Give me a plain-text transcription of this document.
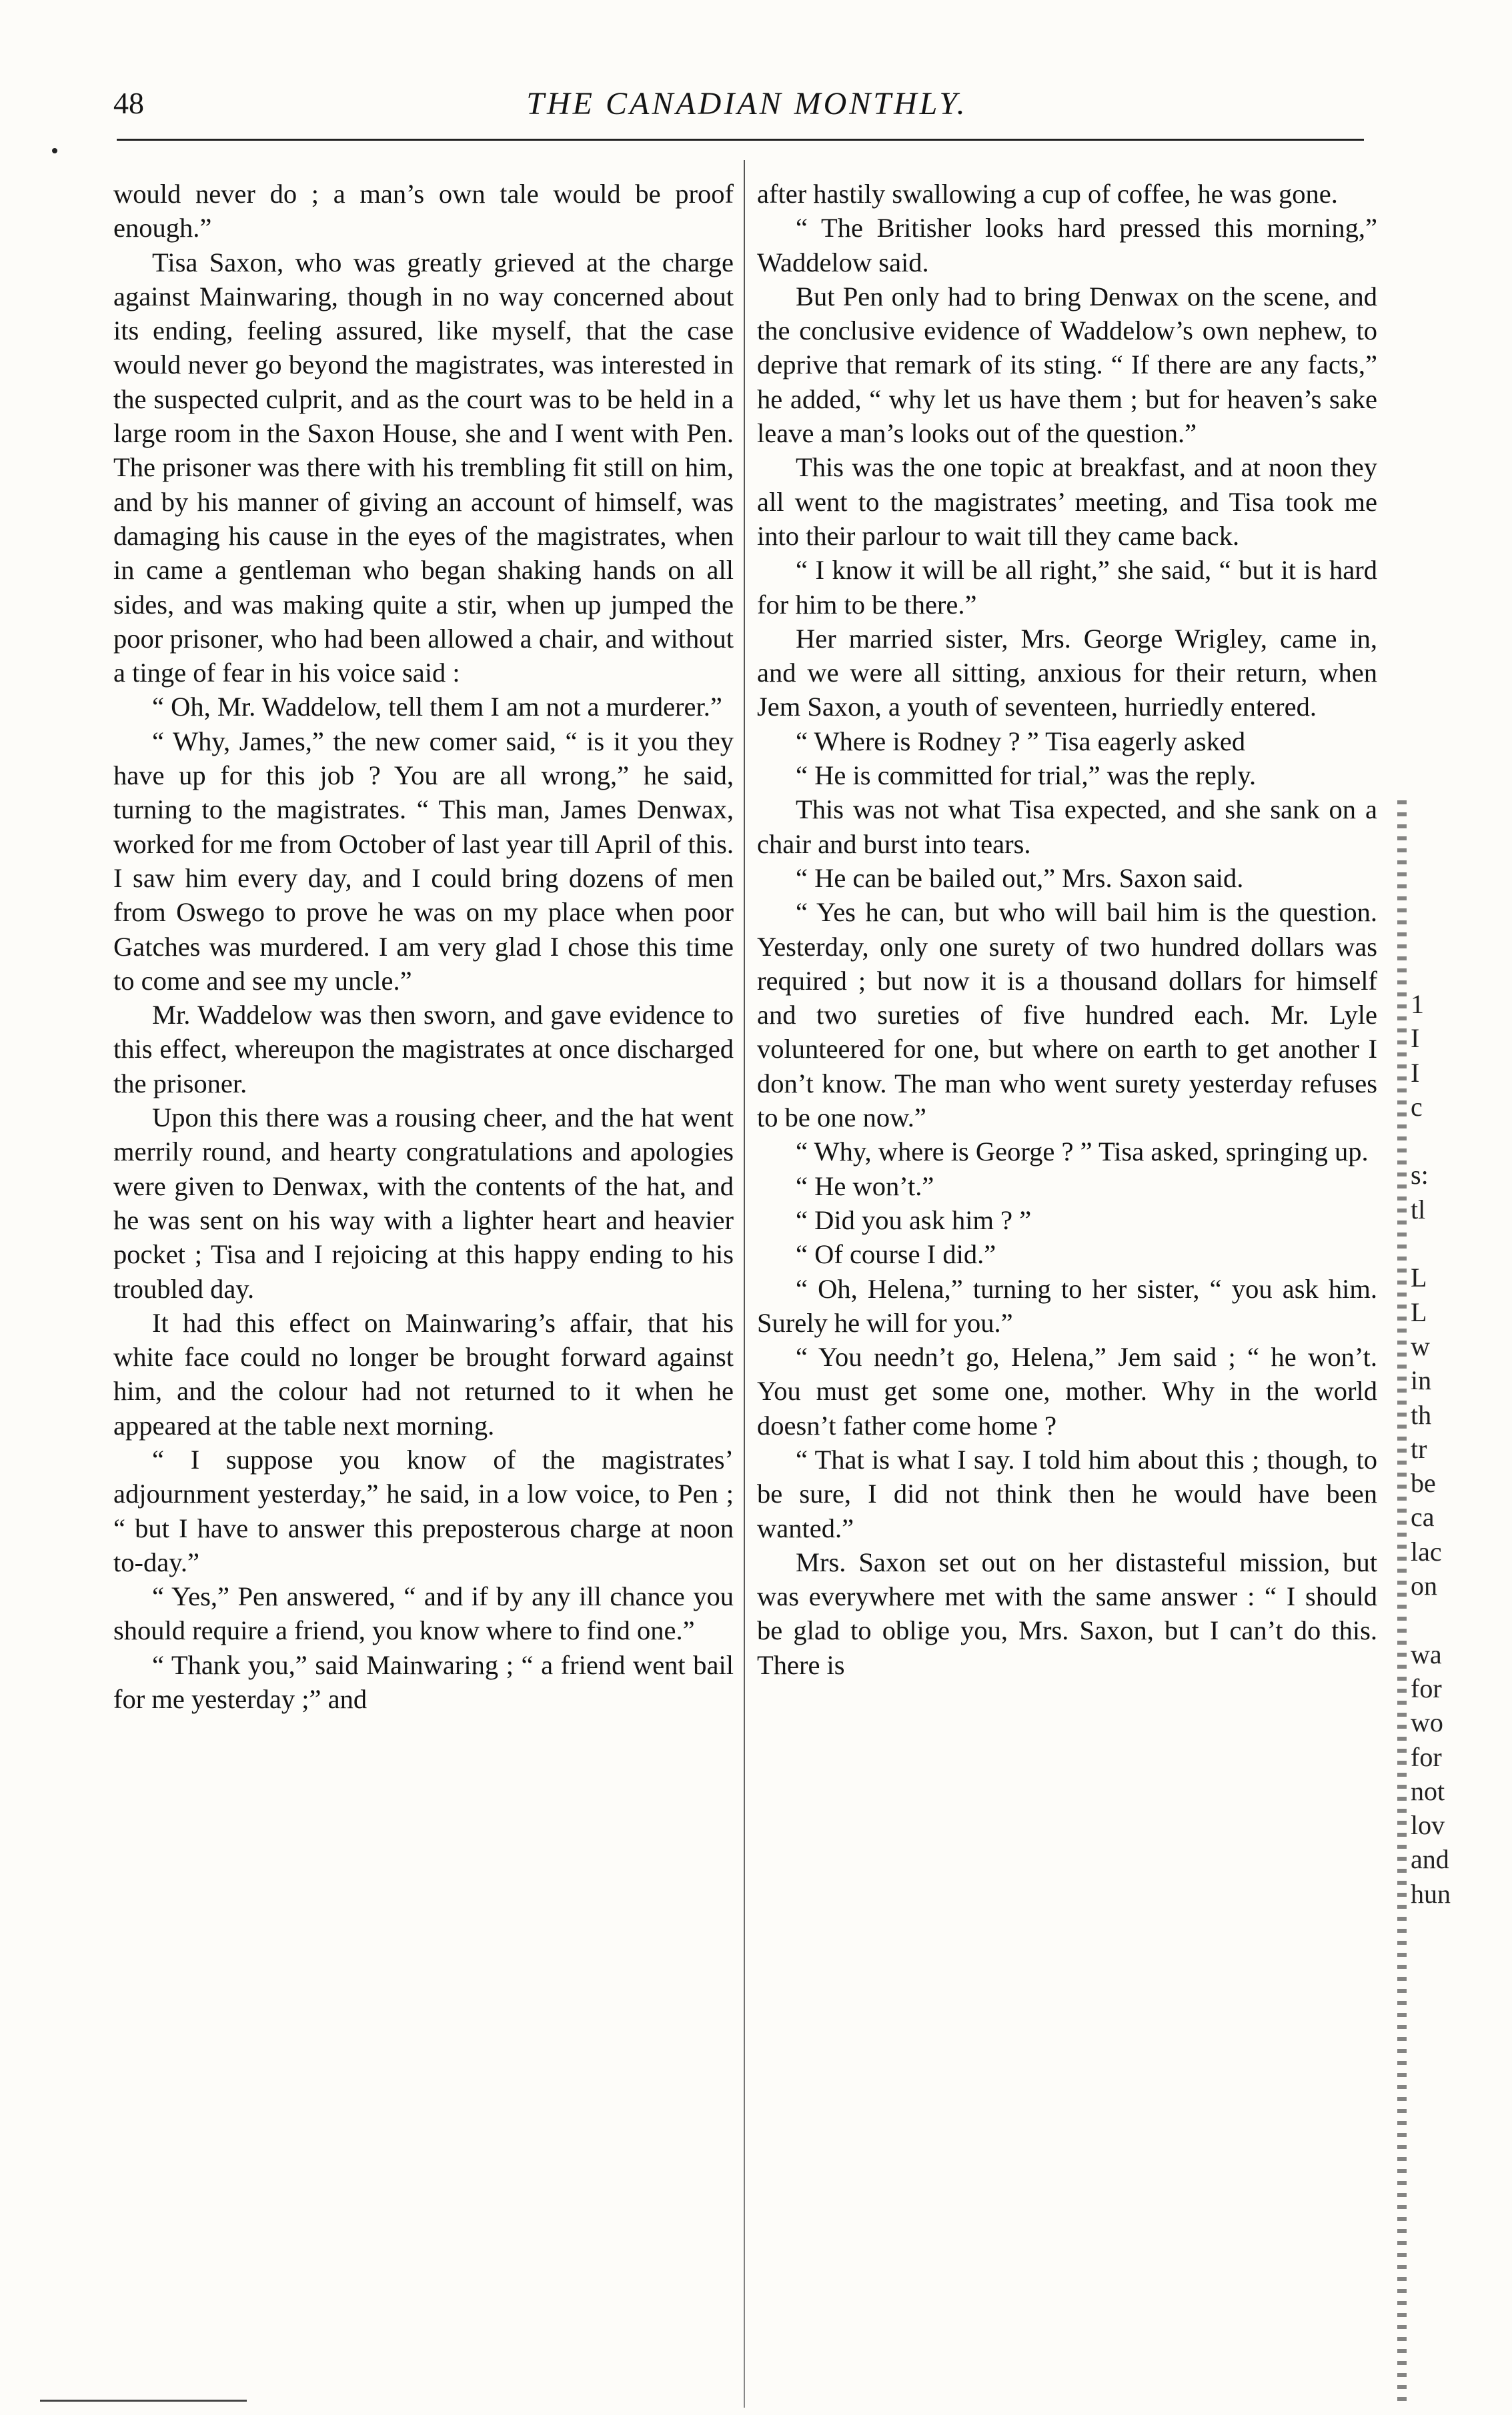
48	THE CANADIAN MONTHLY.

would never do ; a man’s own tale would be proof enough.”

Tisa Saxon, who was greatly grieved at the charge against Mainwaring, though in no way concerned about its ending, feeling assured, like myself, that the case would never go beyond the magistrates, was interested in the suspected culprit, and as the court was to be held in a large room in the Saxon House, she and I went with Pen. The prisoner was there with his trembling fit still on him, and by his manner of giving an account of himself, was damaging his cause in the eyes of the magistrates, when in came a gentleman who began shaking hands on all sides, and was making quite a stir, when up jumped the poor prisoner, who had been allowed a chair, and without a tinge of fear in his voice said :

“ Oh, Mr. Waddelow, tell them I am not a murderer.”

“ Why, James,” the new comer said, “ is it you they have up for this job ? You are all wrong,” he said, turning to the magistrates. “ This man, James Denwax, worked for me from October of last year till April of this. I saw him every day, and I could bring dozens of men from Oswego to prove he was on my place when poor Gatches was murdered. I am very glad I chose this time to come and see my uncle.”

Mr. Waddelow was then sworn, and gave evidence to this effect, whereupon the magistrates at once discharged the prisoner.

Upon this there was a rousing cheer, and the hat went merrily round, and hearty congratulations and apologies were given to Denwax, with the contents of the hat, and he was sent on his way with a lighter heart and heavier pocket ; Tisa and I rejoicing at this happy ending to his troubled day.

It had this effect on Mainwaring’s affair, that his white face could no longer be brought forward against him, and the colour had not returned to it when he appeared at the table next morning.

“ I suppose you know of the magistrates’ adjournment yesterday,” he said, in a low voice, to Pen ; “ but I have to answer this preposterous charge at noon to-day.”

“ Yes,” Pen answered, “ and if by any ill chance you should require a friend, you know where to find one.”

“ Thank you,” said Mainwaring ; “ a friend went bail for me yesterday ;” and

after hastily swallowing a cup of coffee, he was gone.

“ The Britisher looks hard pressed this morning,” Waddelow said.

But Pen only had to bring Denwax on the scene, and the conclusive evidence of Waddelow’s own nephew, to deprive that remark of its sting. “ If there are any facts,” he added, “ why let us have them ; but for heaven’s sake leave a man’s looks out of the question.”

This was the one topic at breakfast, and at noon they all went to the magistrates’ meeting, and Tisa took me into their parlour to wait till they came back.

“ I know it will be all right,” she said, “ but it is hard for him to be there.”

Her married sister, Mrs. George Wrigley, came in, and we were all sitting, anxious for their return, when Jem Saxon, a youth of seventeen, hurriedly entered.

“ Where is Rodney ? ” Tisa eagerly asked

“ He is committed for trial,” was the reply.

This was not what Tisa expected, and she sank on a chair and burst into tears.

“ He can be bailed out,” Mrs. Saxon said.

“ Yes he can, but who will bail him is the question. Yesterday, only one surety of two hundred dollars was required ; but now it is a thousand dollars for himself and two sureties of five hundred each. Mr. Lyle volunteered for one, but where on earth to get another I don’t know. The man who went surety yesterday refuses to be one now.”

“ Why, where is George ? ” Tisa asked, springing up.

“ He won’t.”

“ Did you ask him ? ”

“ Of course I did.”

“ Oh, Helena,” turning to her sister, “ you ask him. Surely he will for you.”

“ You needn’t go, Helena,” Jem said ; “ he won’t. You must get some one, mother. Why in the world doesn’t father come home ?

“ That is what I say. I told him about this ; though, to be sure, I did not think then he would have been wanted.”

Mrs. Saxon set out on her distasteful mission, but was everywhere met with the same answer : “ I should be glad to oblige you, Mrs. Saxon, but I can’t do this. There is

1
I
I
c
s:
tl
L
L
w
in
th
tr
be
ca
lac
on
wa
for
wo
for
not
lov
and
hun
